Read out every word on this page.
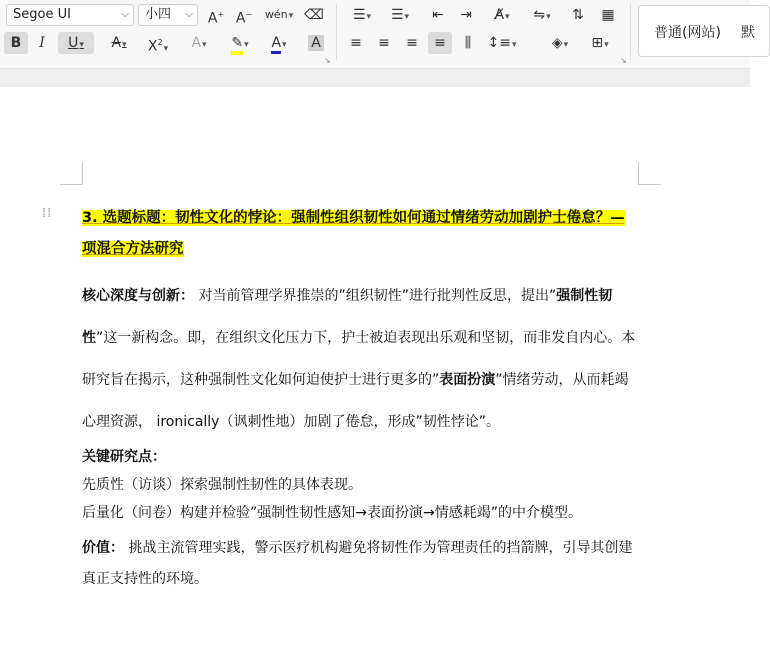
Segoe UI	⌵	小四 ⌵ A+ A−	wén▾ ⌫
B	I	U▾	A▾	$X^2▾$	A▾	✎▾	A▾	A
↘
☰▾	☰▾	⇤	⇥	A̸▾	⇋▾	⇅	▦
≡	≡	≡	≡	⫼	↕≡▾	◈▾	⊞▾
↘
普通(网站) 默
⁞⁞ 3. 选题标题：韧性文化的悖论：强制性组织韧性如何通过情绪劳动加剧护士倦怠？—项混合方法研究
核心深度与创新： 对当前管理学界推崇的”组织韧性”进行批判性反思，提出”强制性韧性”这一新构念。即，在组织文化压力下，护士被迫表现出乐观和坚韧，而非发自内心。本研究旨在揭示，这种强制性文化如何迫使护士进行更多的”表面扮演”情绪劳动，从而耗竭心理资源， ironically（讽刺性地）加剧了倦怠，形成”韧性悖论”。
关键研究点：
先质性（访谈）探索强制性韧性的具体表现。
后量化（问卷）构建并检验”强制性韧性感知→表面扮演→情感耗竭”的中介模型。
价值： 挑战主流管理实践，警示医疗机构避免将韧性作为管理责任的挡箭牌，引导其创建真正支持性的环境。
